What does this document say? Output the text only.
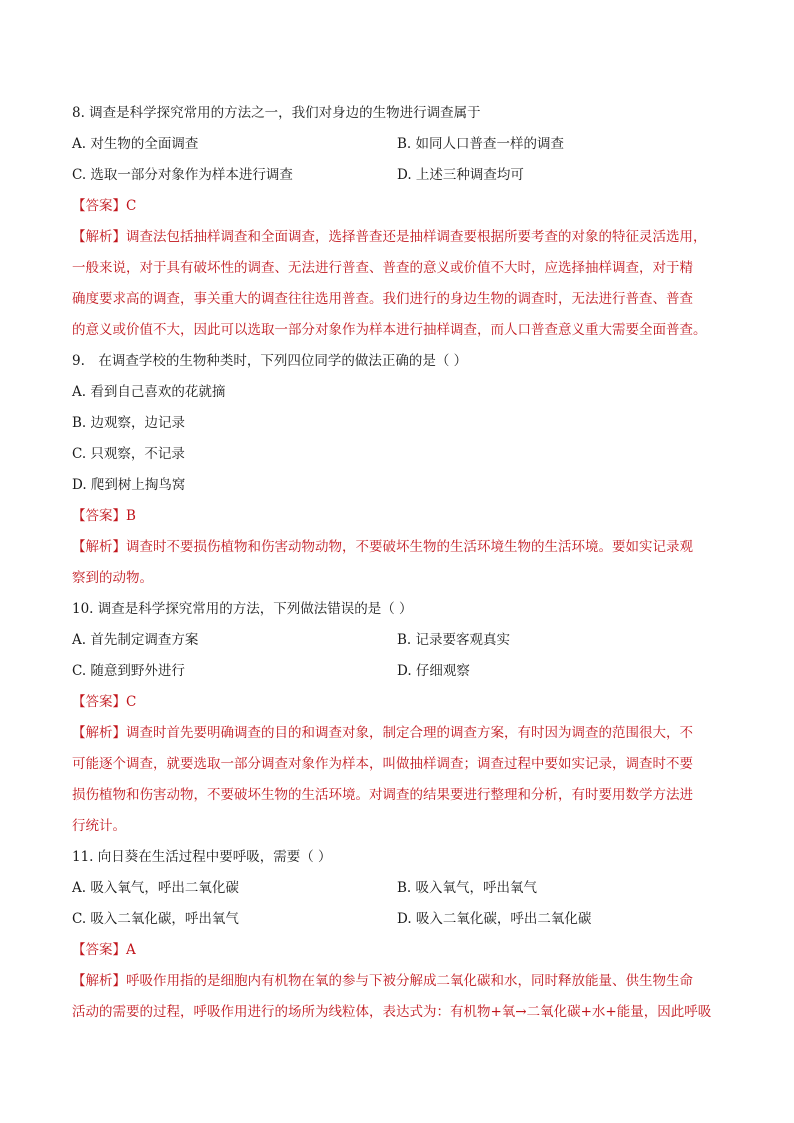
8. 调查是科学探究常用的方法之一，我们对身边的生物进行调查属于
A. 对生物的全面调查	B. 如同人口普查一样的调查
C. 选取一部分对象作为样本进行调查	D. 上述三种调查均可
【答案】C
【解析】调查法包括抽样调查和全面调查，选择普查还是抽样调查要根据所要考查的对象的特征灵活选用，
一般来说，对于具有破坏性的调查、无法进行普查、普查的意义或价值不大时，应选择抽样调查，对于精
确度要求高的调查，事关重大的调查往往选用普查。我们进行的身边生物的调查时，无法进行普查、普查
的意义或价值不大，因此可以选取一部分对象作为样本进行抽样调查，而人口普查意义重大需要全面普查。
9.　在调查学校的生物种类时，下列四位同学的做法正确的是（ ）
A. 看到自己喜欢的花就摘
B. 边观察，边记录
C. 只观察，不记录
D. 爬到树上掏鸟窝
【答案】B
【解析】调查时不要损伤植物和伤害动物动物，不要破坏生物的生活环境生物的生活环境。要如实记录观
察到的动物。
10. 调查是科学探究常用的方法，下列做法错误的是（ ）
A. 首先制定调查方案	B. 记录要客观真实
C. 随意到野外进行	D. 仔细观察
【答案】C
【解析】调查时首先要明确调查的目的和调查对象，制定合理的调查方案，有时因为调查的范围很大，不
可能逐个调查，就要选取一部分调查对象作为样本，叫做抽样调查；调查过程中要如实记录，调查时不要
损伤植物和伤害动物，不要破坏生物的生活环境。对调查的结果要进行整理和分析，有时要用数学方法进
行统计。
11. 向日葵在生活过程中要呼吸，需要（ ）
A. 吸入氧气，呼出二氧化碳	B. 吸入氧气，呼出氧气
C. 吸入二氧化碳，呼出氧气	D. 吸入二氧化碳，呼出二氧化碳
【答案】A
【解析】呼吸作用指的是细胞内有机物在氧的参与下被分解成二氧化碳和水，同时释放能量、供生物生命
活动的需要的过程，呼吸作用进行的场所为线粒体，表达式为：有机物+氧→二氧化碳+水+能量，因此呼吸
